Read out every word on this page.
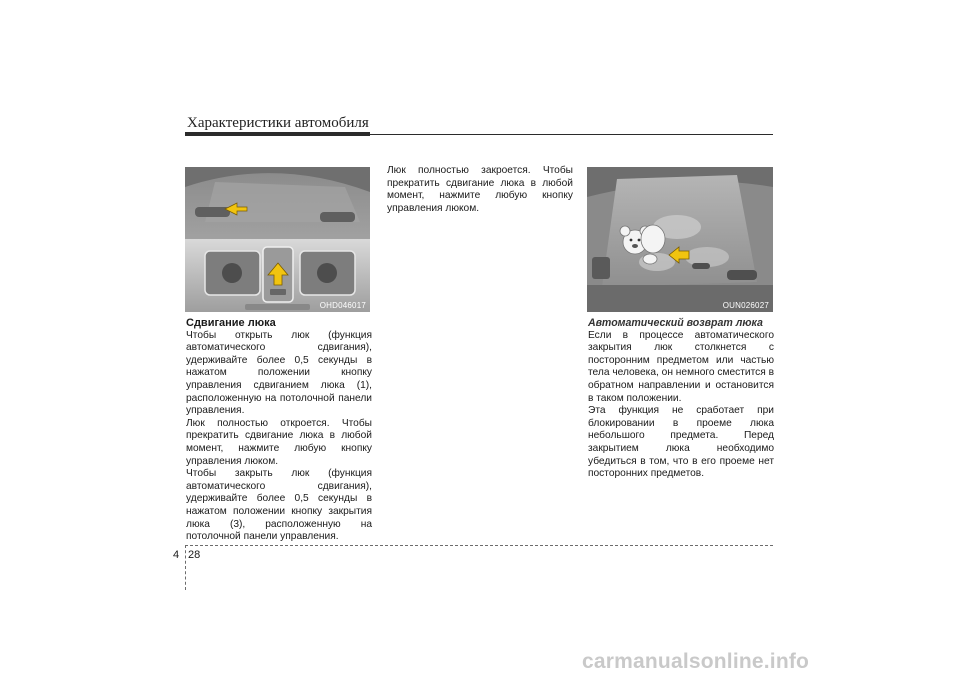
Характеристики автомобиля
OHD046017	OUN026027

Сдвигание люка

Чтобы открыть люк (функция автоматического сдвигания), удерживайте более 0,5 секунды в нажатом положении кнопку управления сдвиганием люка (1), расположенную на потолочной панели управления.

Люк полностью откроется. Чтобы прекратить сдвигание люка в любой момент, нажмите любую кнопку управления люком.

Чтобы закрыть люк (функция автоматического сдвигания), удерживайте более 0,5 секунды в нажатом положении кнопку закрытия люка (3), расположенную на потолочной панели управления.

Люк полностью закроется. Чтобы прекратить сдвигание люка в любой момент, нажмите любую кнопку управления люком.

Автоматический возврат люка

Если в процессе автоматического закрытия люк столкнется с посторонним предметом или частью тела человека, он немного сместится в обратном направлении и остановится в таком положении.

Эта функция не сработает при блокировании в проеме люка небольшого предмета. Перед закрытием люка необходимо убедиться в том, что в его проеме нет посторонних предметов.

4 28
carmanualsonline.info
